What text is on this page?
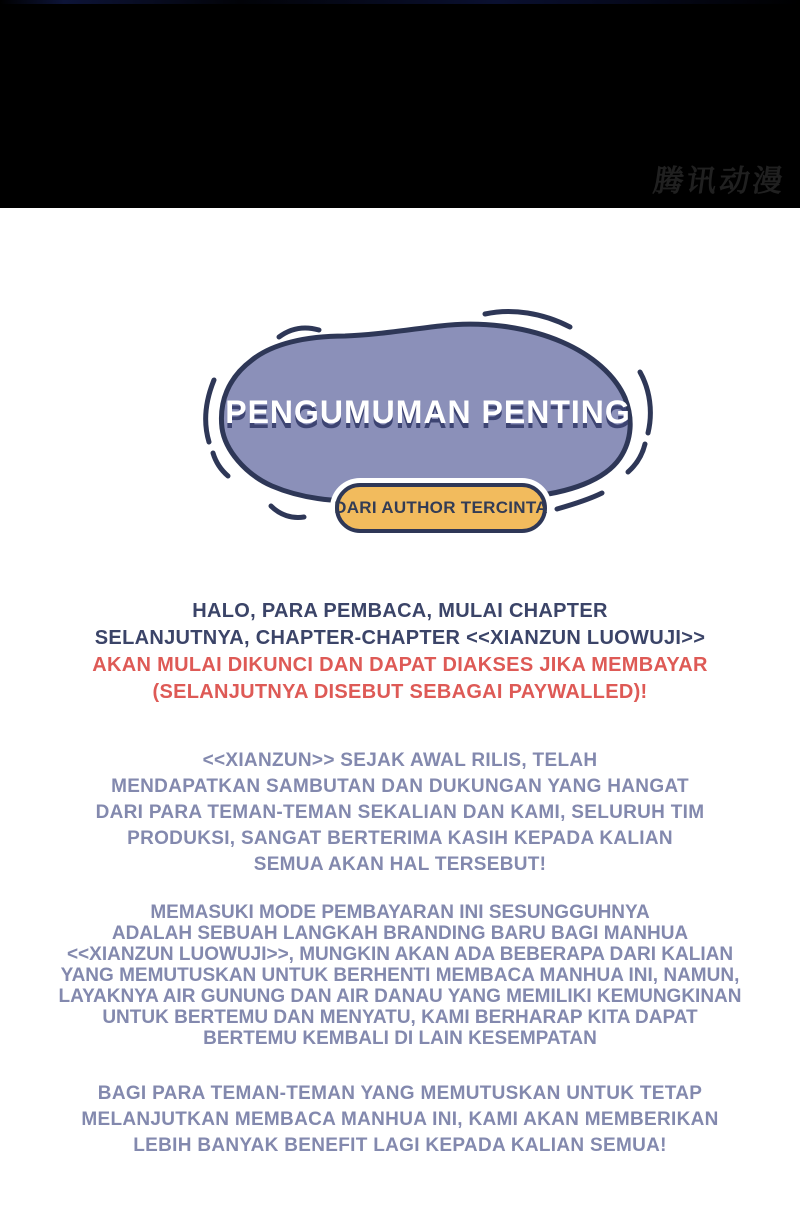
腾讯动漫
PENGUMUMAN PENTING
DARI AUTHOR TERCINTA

HALO, PARA PEMBACA, MULAI CHAPTER
SELANJUTNYA, CHAPTER-CHAPTER <<XIANZUN LUOWUJI>>
AKAN MULAI DIKUNCI DAN DAPAT DIAKSES JIKA MEMBAYAR
(SELANJUTNYA DISEBUT SEBAGAI PAYWALLED)!

<<XIANZUN>> SEJAK AWAL RILIS, TELAH
MENDAPATKAN SAMBUTAN DAN DUKUNGAN YANG HANGAT
DARI PARA TEMAN-TEMAN SEKALIAN DAN KAMI, SELURUH TIM
PRODUKSI, SANGAT BERTERIMA KASIH KEPADA KALIAN
SEMUA AKAN HAL TERSEBUT!

MEMASUKI MODE PEMBAYARAN INI SESUNGGUHNYA
ADALAH SEBUAH LANGKAH BRANDING BARU BAGI MANHUA
<<XIANZUN LUOWUJI>>, MUNGKIN AKAN ADA BEBERAPA DARI KALIAN
YANG MEMUTUSKAN UNTUK BERHENTI MEMBACA MANHUA INI, NAMUN,
LAYAKNYA AIR GUNUNG DAN AIR DANAU YANG MEMILIKI KEMUNGKINAN
UNTUK BERTEMU DAN MENYATU, KAMI BERHARAP KITA DAPAT
BERTEMU KEMBALI DI LAIN KESEMPATAN

BAGI PARA TEMAN-TEMAN YANG MEMUTUSKAN UNTUK TETAP
MELANJUTKAN MEMBACA MANHUA INI, KAMI AKAN MEMBERIKAN
LEBIH BANYAK BENEFIT LAGI KEPADA KALIAN SEMUA!
